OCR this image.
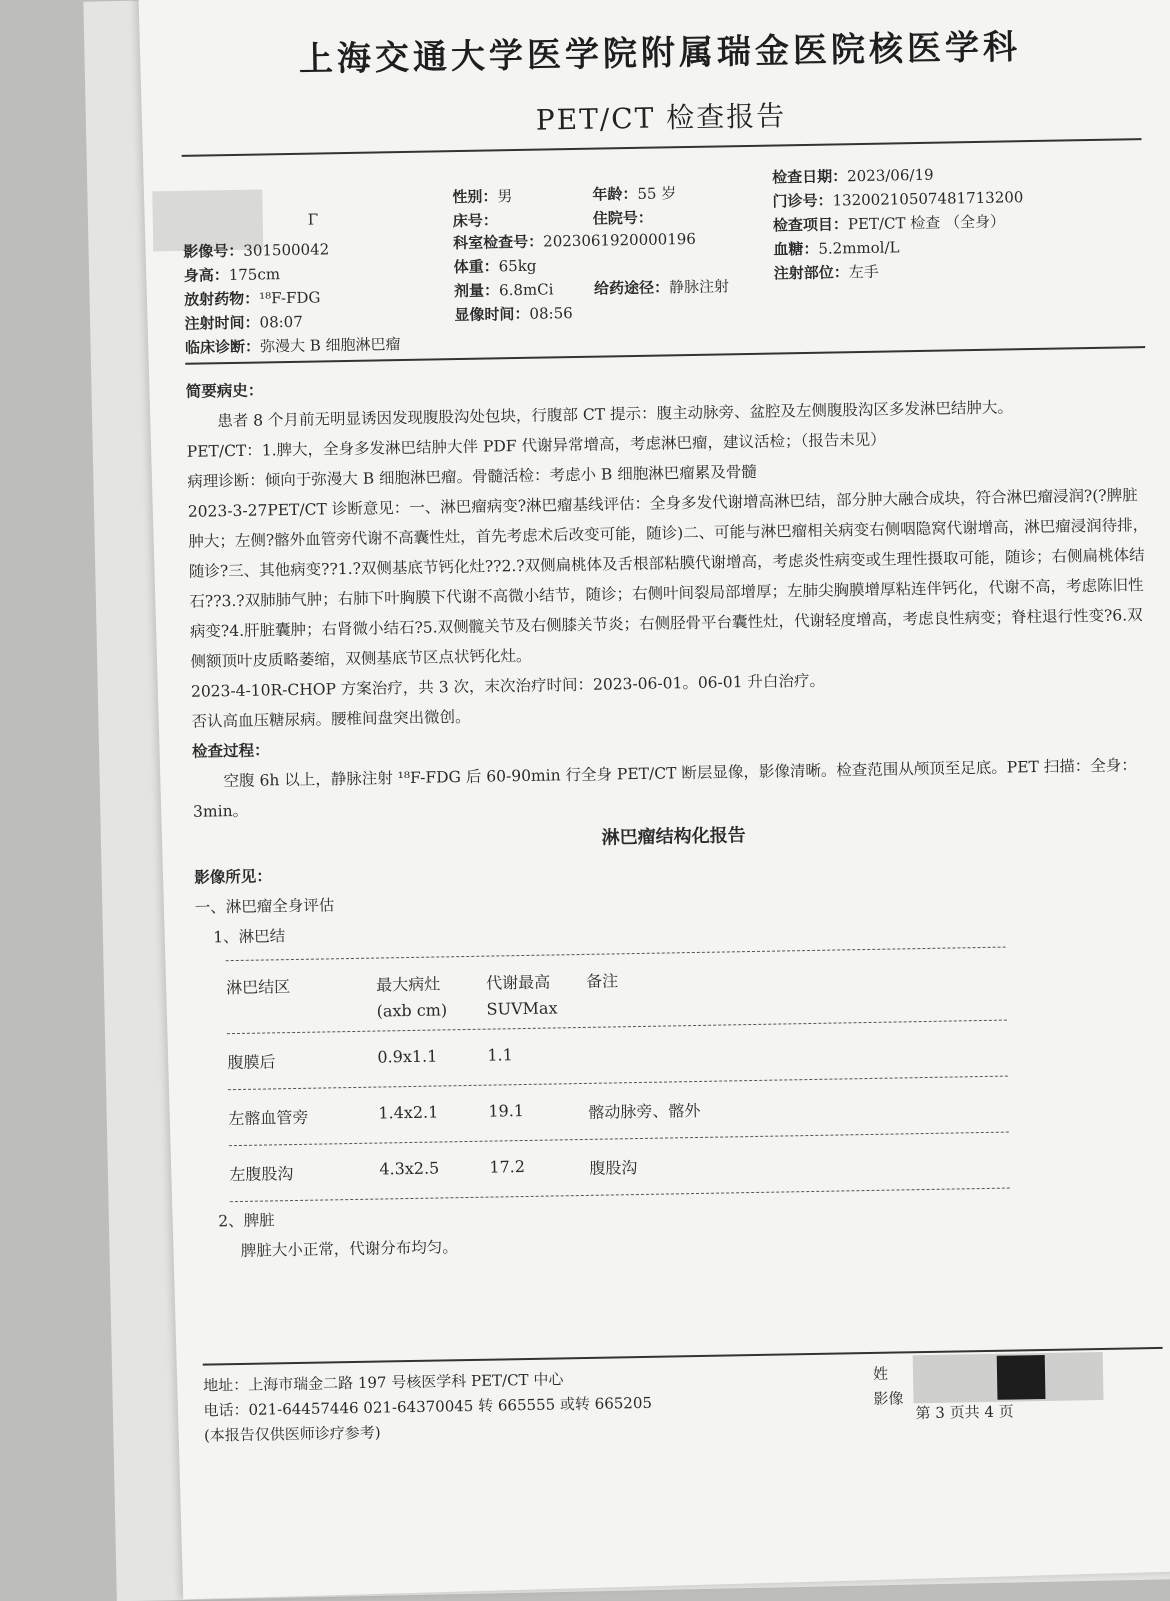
上海交通大学医学院附属瑞金医院核医学科
PET/CT 检查报告
Γ
性别：男	年龄：55 岁
床号：	住院号：
影像号：301500042	科室检查号：2023061920000196
身高：175cm	体重：65kg
放射药物：¹⁸F-FDG	剂量：6.8mCi	给药途径：静脉注射
注射时间：08:07	显像时间：08:56
临床诊断：弥漫大 B 细胞淋巴瘤
检查日期：2023/06/19
门诊号：13200210507481713200
检查项目：PET/CT 检查 （全身）
血糖：5.2mmol/L
注射部位：左手

简要病史：

患者 8 个月前无明显诱因发现腹股沟处包块，行腹部 CT 提示：腹主动脉旁、盆腔及左侧腹股沟区多发淋巴结肿大。

PET/CT：1.脾大，全身多发淋巴结肿大伴 PDF 代谢异常增高，考虑淋巴瘤，建议活检；（报告未见）

病理诊断：倾向于弥漫大 B 细胞淋巴瘤。骨髓活检：考虑小 B 细胞淋巴瘤累及骨髓

2023-3-27PET/CT 诊断意见：一、淋巴瘤病变?淋巴瘤基线评估：全身多发代谢增高淋巴结，部分肿大融合成块，符合淋巴瘤浸润?(?脾脏肿大；左侧?髂外血管旁代谢不高囊性灶，首先考虑术后改变可能，随诊)二、可能与淋巴瘤相关病变右侧咽隐窝代谢增高，淋巴瘤浸润待排，随诊?三、其他病变??1.?双侧基底节钙化灶??2.?双侧扁桃体及舌根部粘膜代谢增高，考虑炎性病变或生理性摄取可能，随诊；右侧扁桃体结石??3.?双肺肺气肿；右肺下叶胸膜下代谢不高微小结节，随诊；右侧叶间裂局部增厚；左肺尖胸膜增厚粘连伴钙化，代谢不高，考虑陈旧性病变?4.肝脏囊肿；右肾微小结石?5.双侧髋关节及右侧膝关节炎；右侧胫骨平台囊性灶，代谢轻度增高，考虑良性病变；脊柱退行性变?6.双侧额顶叶皮质略萎缩，双侧基底节区点状钙化灶。

2023-4-10R-CHOP 方案治疗，共 3 次，末次治疗时间：2023-06-01。06-01 升白治疗。

否认高血压糖尿病。腰椎间盘突出微创。

检查过程：

空腹 6h 以上，静脉注射 ¹⁸F-FDG 后 60-90min 行全身 PET/CT 断层显像，影像清晰。检查范围从颅顶至足底。PET 扫描：全身：3min。

淋巴瘤结构化报告

影像所见：

一、淋巴瘤全身评估

1、淋巴结

淋巴结区	最大病灶	代谢最高	备注
(axb cm)	SUVMax
腹膜后	0.9x1.1	1.1
左髂血管旁	1.4x2.1	19.1	髂动脉旁、髂外
左腹股沟	4.3x2.5	17.2	腹股沟

2、脾脏

脾脏大小正常，代谢分布均匀。

地址：上海市瑞金二路 197 号核医学科 PET/CT 中心
电话：021-64457446 021-64370045 转 665555 或转 665205
(本报告仅供医师诊疗参考)
姓
影像
第 3 页共 4 页
